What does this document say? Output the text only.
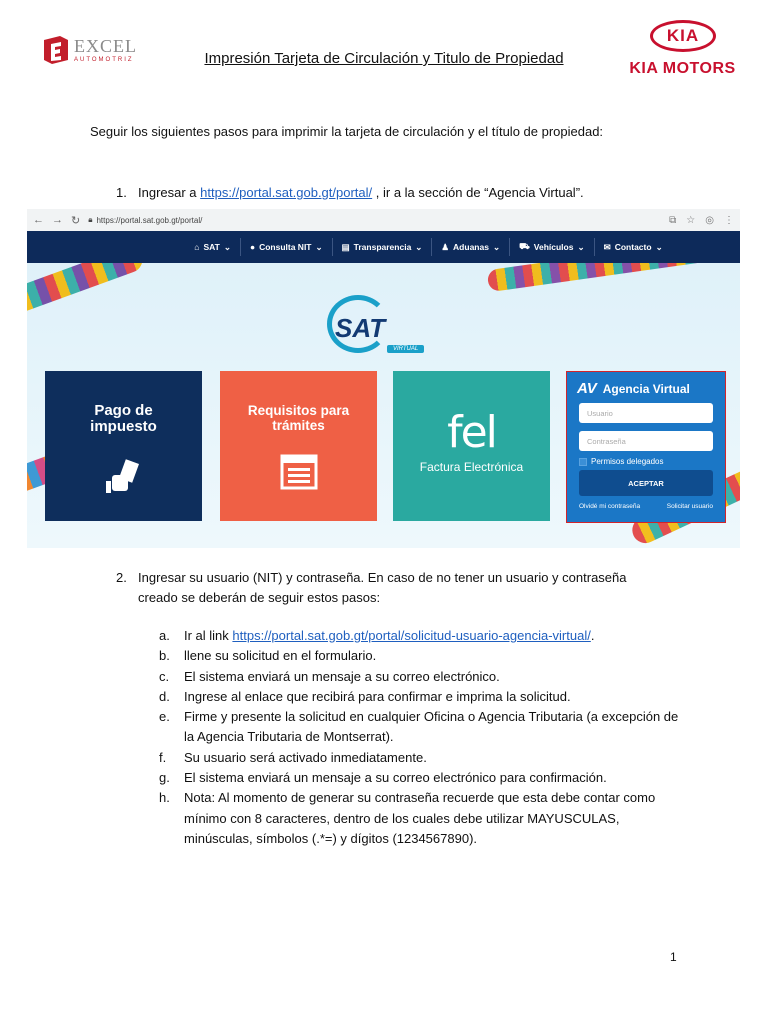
EXCEL
AUTOMOTRIZ	Impresión Tarjeta de Circulación y Titulo de Propiedad
KIA
KIA MOTORS
Seguir los siguientes pasos para imprimir la tarjeta de circulación y el título de propiedad:
1. Ingresar a https://portal.sat.gob.gt/portal/ , ir a la sección de “Agencia Virtual”.
← → ↻ 🔒︎ https://portal.sat.gob.gt/portal/	⧉ ☆ ◎ ⋮
⌂ SAT ⌄ ● Consulta NIT ⌄ ▤ Transparencia ⌄ ♟ Aduanas ⌄ ⛟ Vehículos ⌄ ✉ Contacto ⌄
SAT
VIRTUAL
Pago de impuesto
Requisitos para trámites	fel
Factura Electrónica
AV Agencia Virtual
Usuario
Contraseña
Permisos delegados
ACEPTAR
Olvidé mi contraseña	Solicitar usuario
2. Ingresar su usuario (NIT) y contraseña. En caso de no tener un usuario y contraseña creado se deberán de seguir estos pasos:
a. Ir al link https://portal.sat.gob.gt/portal/solicitud-usuario-agencia-virtual/.
b. llene su solicitud en el formulario.
c. El sistema enviará un mensaje a su correo electrónico.
d. Ingrese al enlace que recibirá para confirmar e imprima la solicitud.
e. Firme y presente la solicitud en cualquier Oficina o Agencia Tributaria (a excepción de la Agencia Tributaria de Montserrat).
f. Su usuario será activado inmediatamente.
g. El sistema enviará un mensaje a su correo electrónico para confirmación.
h. Nota: Al momento de generar su contraseña recuerde que esta debe contar como mínimo con 8 caracteres, dentro de los cuales debe utilizar MAYUSCULAS, minúsculas, símbolos (.*=) y dígitos (1234567890).
1
